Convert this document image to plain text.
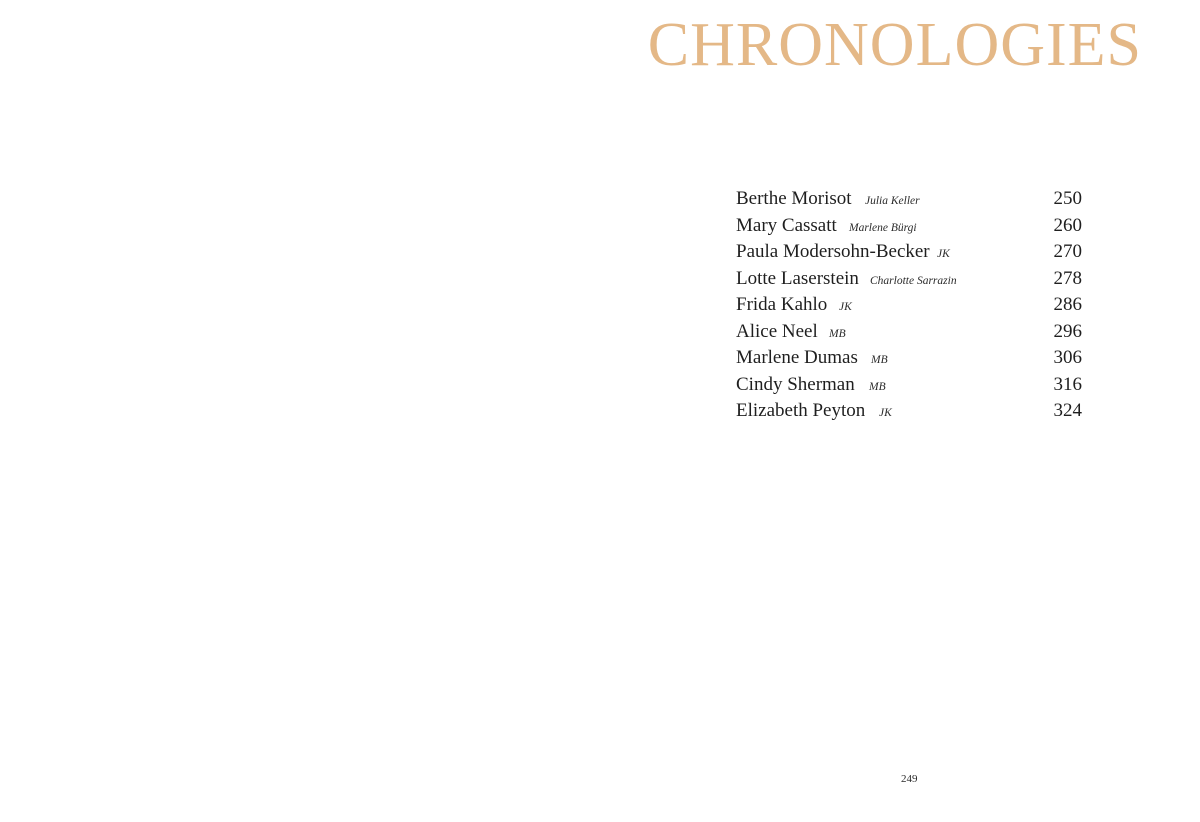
CHRONOLOGIES
Berthe Morisot Julia Keller	250
Mary Cassatt Marlene Bürgi	260
Paula Modersohn-Becker JK	270
Lotte Laserstein Charlotte Sarrazin	278
Frida Kahlo JK	286
Alice Neel MB	296
Marlene Dumas MB	306
Cindy Sherman MB	316
Elizabeth Peyton JK	324
249
